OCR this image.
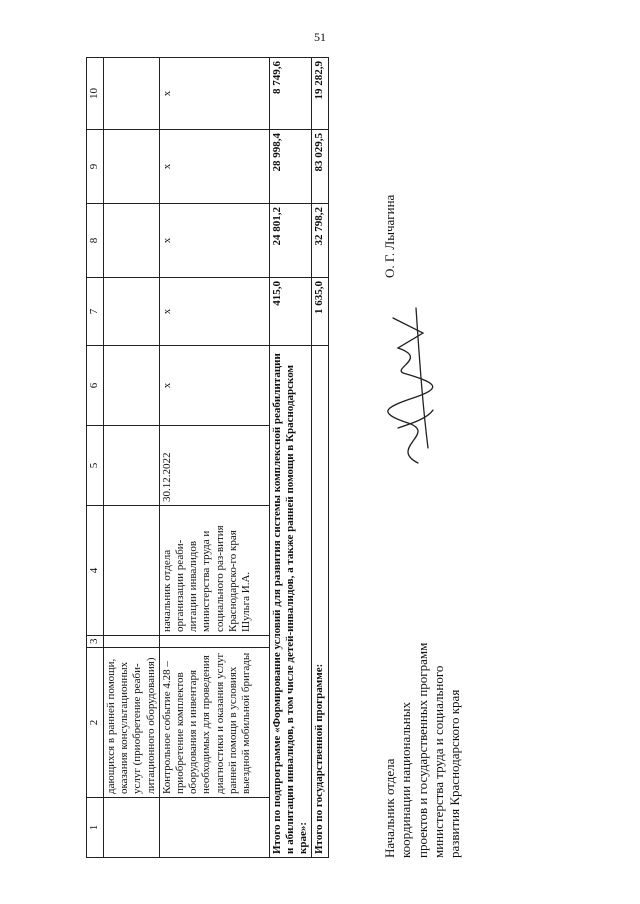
51
1	2	3	4	5	6	7	8	9	10
	дающихся в ранней помощи, оказания консультационных услуг (приобретение реаби-литационного оборудования)								
	Контрольное событие 4.28 – приобретение комплектов оборудования и инвентаря необходимых для проведения диагностики и оказания услуг ранней помощи в условиях выездной мобильной бригады		начальник отдела организации реаби-литации инвалидов министерства труда и социального раз-вития Краснодарско-го края Шульга И.А.	30.12.2022	х	х	х	х	х
Итого по подпрограмме «Формирование условий для развития системы комплексной реабилитации и абилитации инвалидов, в том числе детей-инвалидов, а также ранней помощи в Краснодарском крае»:						415,0	24 801,2	28 998,4	8 749,6
Итого по государственной программе:						1 635,0	32 798,2	83 029,5	19 282,9
Начальник отдела координации национальных проектов и государственных программ министерства труда и социального развития Краснодарского края
О. Г. Лычагина
